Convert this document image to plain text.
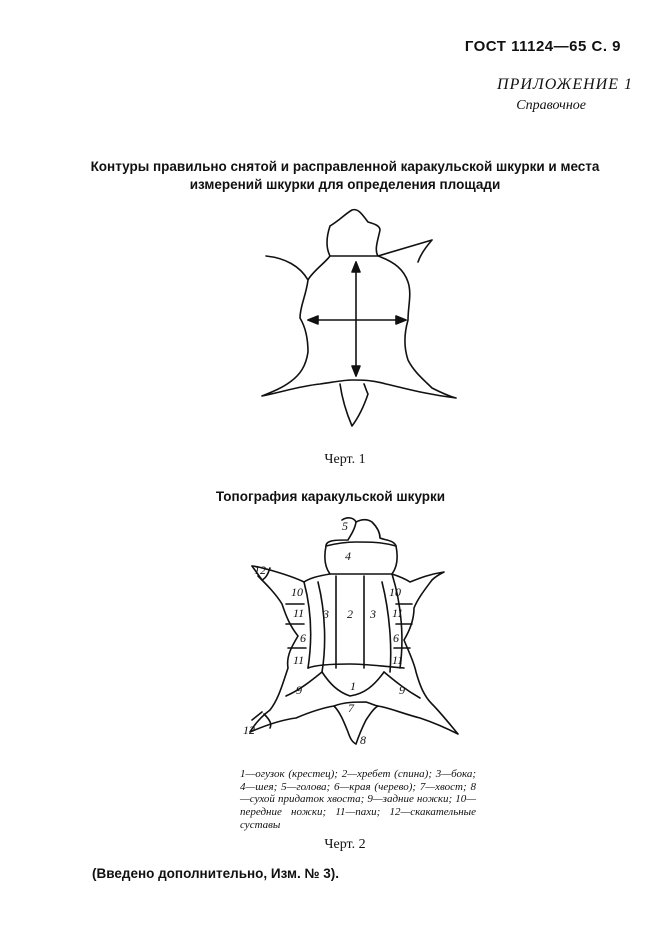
ГОСТ 11124—65 С. 9
ПРИЛОЖЕНИЕ 1
Справочное
Контуры правильно снятой и расправленной каракульской шкурки и места измерений шкурки для определения площади
5
4
2
3	3
1
7
8
9	9
6	6
10	10
11	11
11	11
12
12
Черт. 1
Топография каракульской шкурки
1—огузок (крестец); 2—хребет (спина); 3—бока; 4—шея; 5—голова; 6—края (черево); 7—хвост; 8—сухой придаток хвоста; 9—задние ножки; 10—передние ножки; 11—пахи; 12—скакательные суставы
Черт. 2
(Введено дополнительно, Изм. № 3).
